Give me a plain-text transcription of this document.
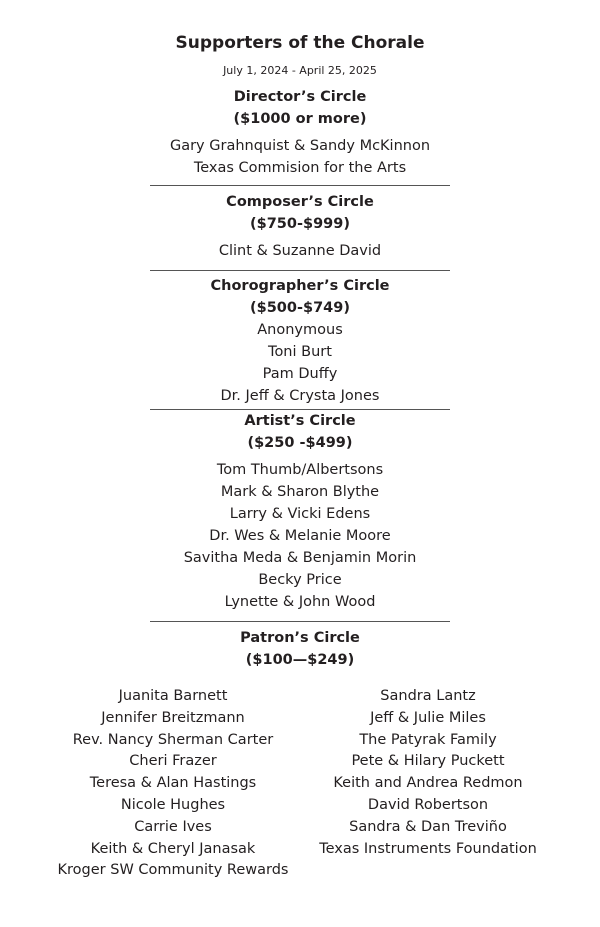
Supporters of the Chorale
July 1, 2024 - April 25, 2025
Director’s Circle
($1000 or more)
Gary Grahnquist & Sandy McKinnon
Texas Commision for the Arts
Composer’s Circle
($750-$999)
Clint & Suzanne David
Chorographer’s Circle
($500-$749)
Anonymous
Toni Burt
Pam Duffy
Dr. Jeff & Crysta Jones
Artist’s Circle
($250 -$499)
Tom Thumb/Albertsons
Mark & Sharon Blythe
Larry & Vicki Edens
Dr. Wes & Melanie Moore
Savitha Meda & Benjamin Morin
Becky Price
Lynette & John Wood
Patron’s Circle
($100—$249)
Juanita Barnett
Jennifer Breitzmann
Rev. Nancy Sherman Carter
Cheri Frazer
Teresa & Alan Hastings
Nicole Hughes
Carrie Ives
Keith & Cheryl Janasak
Kroger SW Community Rewards
Sandra Lantz
Jeff & Julie Miles
The Patyrak Family
Pete & Hilary Puckett
Keith and Andrea Redmon
David Robertson
Sandra & Dan Treviño
Texas Instruments Foundation
